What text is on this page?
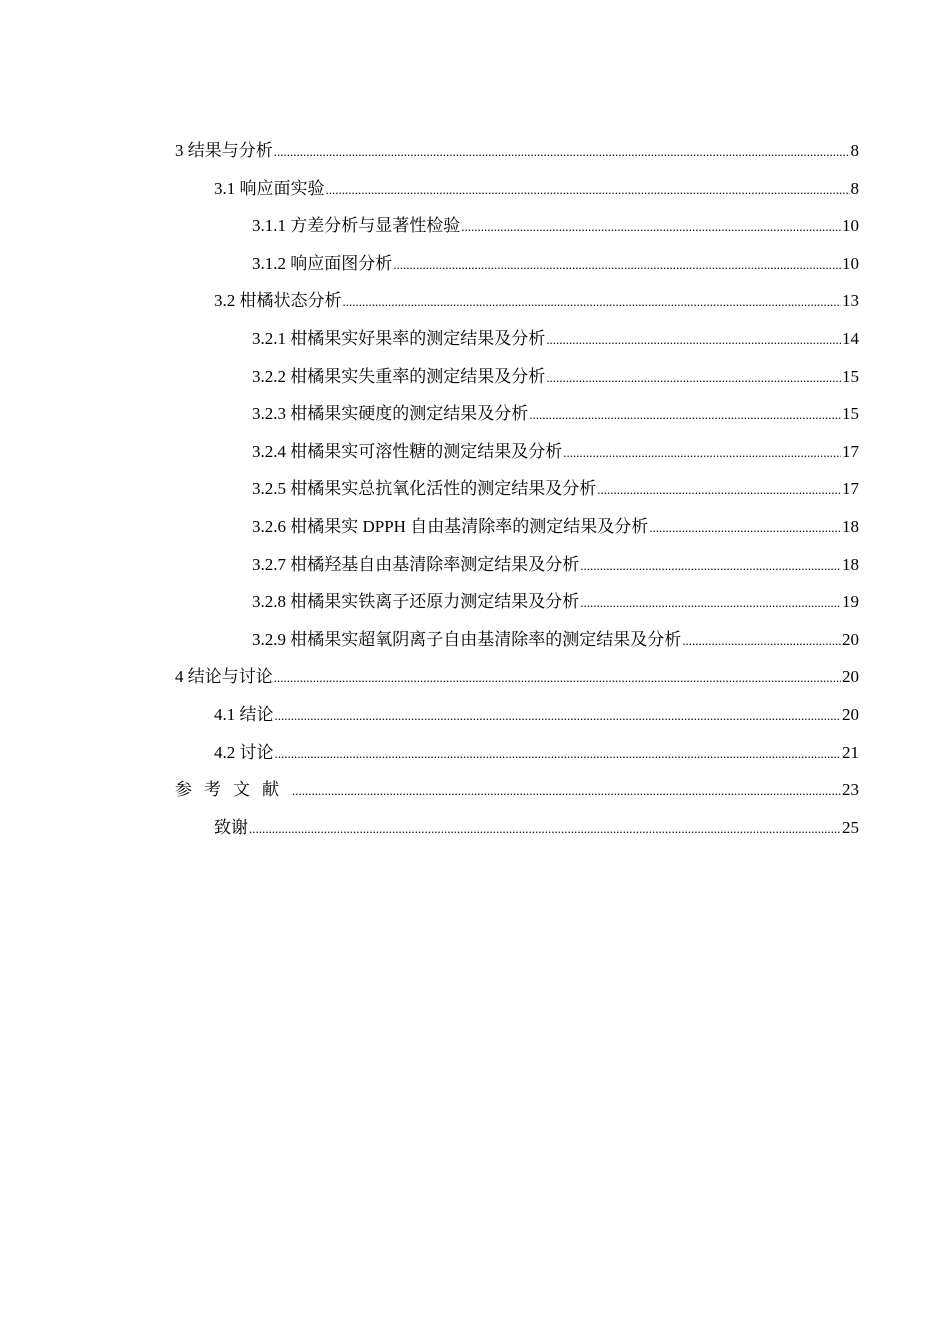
3 结果与分析 .....	8
3.1 响应面实验 .....	8
3.1.1 方差分析与显著性检验 .....	10
3.1.2 响应面图分析 .....	10
3.2 柑橘状态分析 .....	13
3.2.1 柑橘果实好果率的测定结果及分析 .....	14
3.2.2 柑橘果实失重率的测定结果及分析 .....	15
3.2.3 柑橘果实硬度的测定结果及分析 .....	15
3.2.4 柑橘果实可溶性糖的测定结果及分析 .....	17
3.2.5 柑橘果实总抗氧化活性的测定结果及分析 .....	17
3.2.6 柑橘果实 DPPH 自由基清除率的测定结果及分析 .....	18
3.2.7 柑橘羟基自由基清除率测定结果及分析 .....	18
3.2.8 柑橘果实铁离子还原力测定结果及分析 .....	19
3.2.9 柑橘果实超氧阴离子自由基清除率的测定结果及分析 .....	20
4 结论与讨论 .....	20
4.1 结论 .....	20
4.2 讨论 .....	21
参考文献 .....	23
致谢 .....	25
